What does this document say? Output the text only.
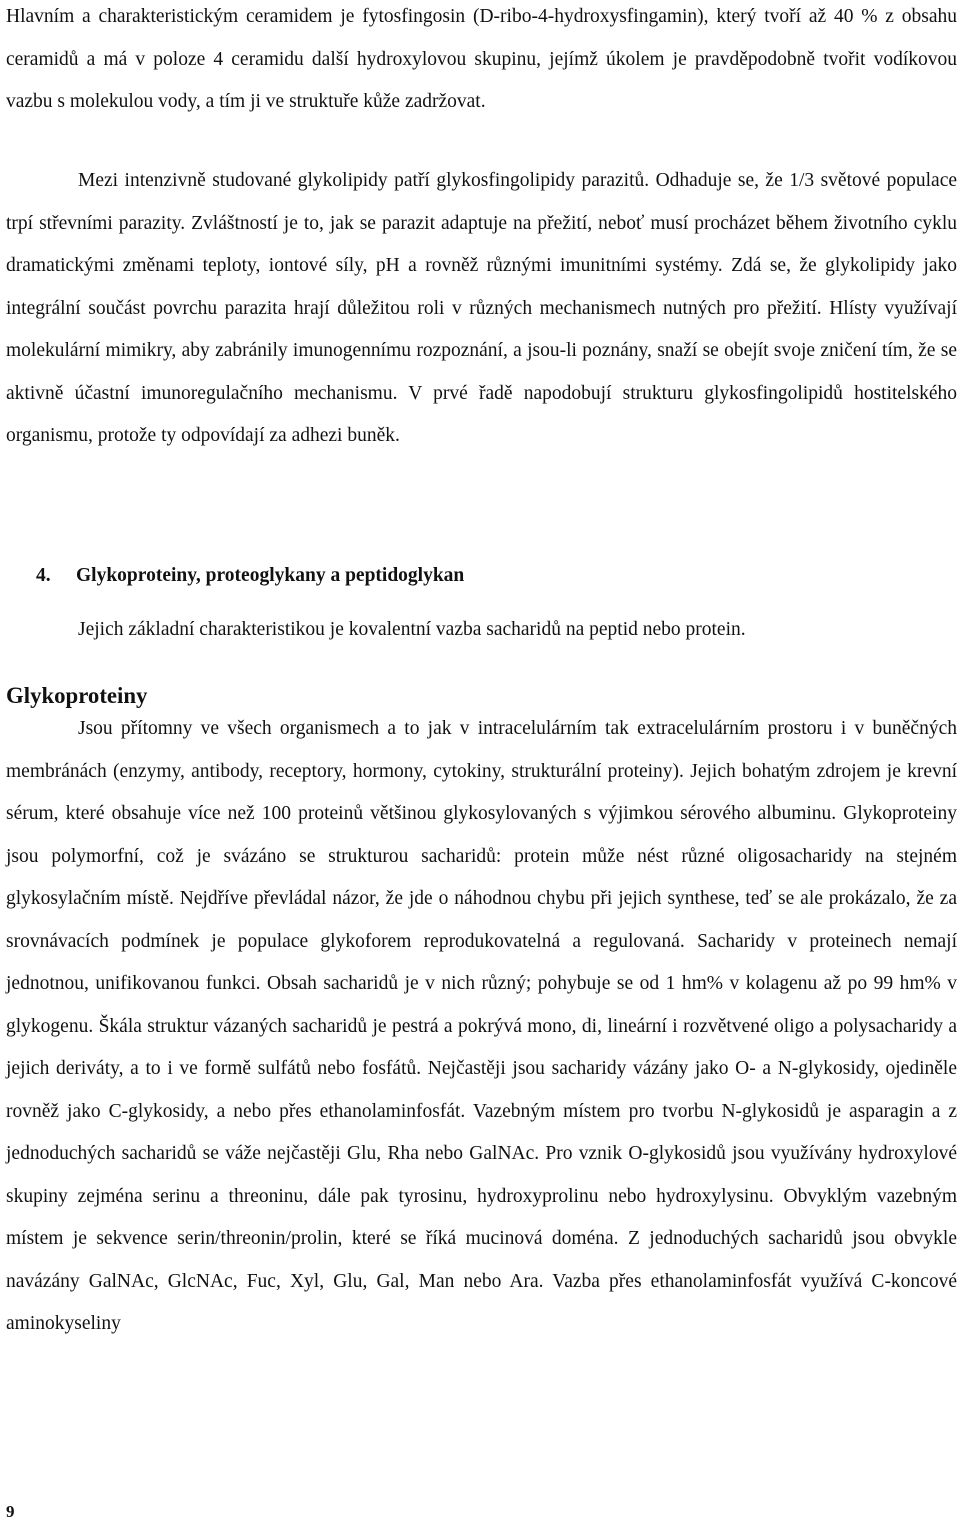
Hlavním a charakteristickým ceramidem je fytosfingosin (D-ribo-4-hydroxysfingamin), který tvoří až 40 % z obsahu ceramidů a má v poloze 4 ceramidu další hydroxylovou skupinu, jejímž úkolem je pravděpodobně tvořit vodíkovou vazbu s molekulou vody, a tím ji ve struktuře kůže zadržovat.

Mezi intenzivně studované glykolipidy patří glykosfingolipidy parazitů. Odhaduje se, že 1/3 světové populace trpí střevními parazity. Zvláštností je to, jak se parazit adaptuje na přežití, neboť musí procházet během životního cyklu dramatickými změnami teploty, iontové síly, pH a rovněž různými imunitními systémy. Zdá se, že glykolipidy jako integrální součást povrchu parazita hrají důležitou roli v různých mechanismech nutných pro přežití. Hlísty využívají molekulární mimikry, aby zabránily imunogennímu rozpoznání, a jsou-li poznány, snaží se obejít svoje zničení tím, že se aktivně účastní imunoregulačního mechanismu. V prvé řadě napodobují strukturu glykosfingolipidů hostitelského organismu, protože ty odpovídají za adhezi buněk.

4. Glykoproteiny, proteoglykany a peptidoglykan

Jejich základní charakteristikou je kovalentní vazba sacharidů na peptid nebo protein.

Glykoproteiny

Jsou přítomny ve všech organismech a to jak v intracelulárním tak extracelulárním prostoru i v buněčných membránách (enzymy, antibody, receptory, hormony, cytokiny, strukturální proteiny). Jejich bohatým zdrojem je krevní sérum, které obsahuje více než 100 proteinů většinou glykosylovaných s výjimkou sérového albuminu. Glykoproteiny jsou polymorfní, což je svázáno se strukturou sacharidů: protein může nést různé oligosacharidy na stejném glykosylačním místě. Nejdříve převládal názor, že jde o náhodnou chybu při jejich synthese, teď se ale prokázalo, že za srovnávacích podmínek je populace glykoforem reprodukovatelná a regulovaná. Sacharidy v proteinech nemají jednotnou, unifikovanou funkci. Obsah sacharidů je v nich různý; pohybuje se od 1 hm% v kolagenu až po 99 hm% v glykogenu. Škála struktur vázaných sacharidů je pestrá a pokrývá mono, di, lineární i rozvětvené oligo a polysacharidy a jejich deriváty, a to i ve formě sulfátů nebo fosfátů. Nejčastěji jsou sacharidy vázány jako O- a N-glykosidy, ojediněle rovněž jako C-glykosidy, a nebo přes ethanolaminfosfát. Vazebným místem pro tvorbu N-glykosidů je asparagin a z jednoduchých sacharidů se váže nejčastěji Glu, Rha nebo GalNAc. Pro vznik O-glykosidů jsou využívány hydroxylové skupiny zejména serinu a threoninu, dále pak tyrosinu, hydroxyprolinu nebo hydroxylysinu. Obvyklým vazebným místem je sekvence serin/threonin/prolin, které se říká mucinová doména. Z jednoduchých sacharidů jsou obvykle navázány GalNAc, GlcNAc, Fuc, Xyl, Glu, Gal, Man nebo Ara. Vazba přes ethanolaminfosfát využívá C-koncové aminokyseliny

9
